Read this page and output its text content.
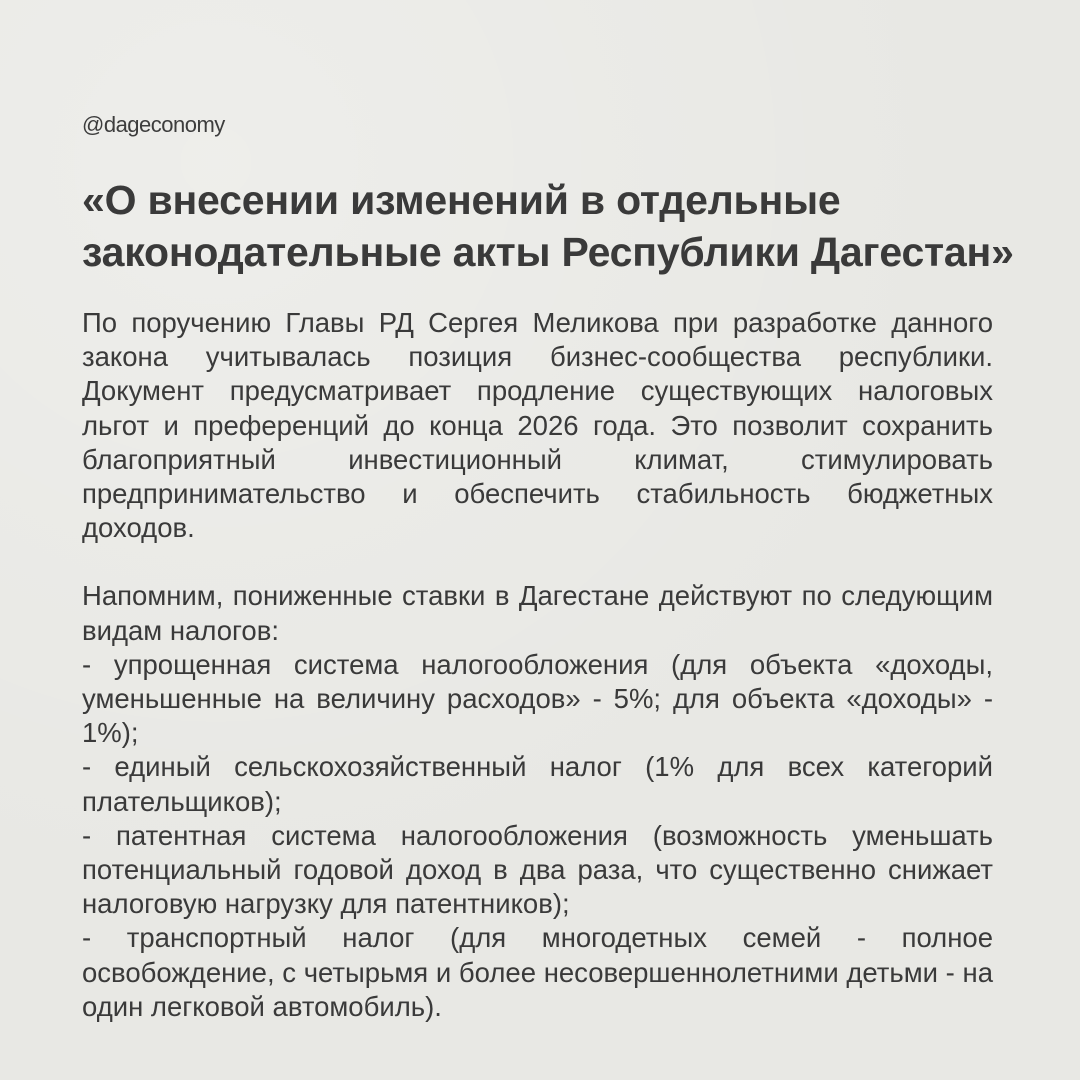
@dageconomy
«О внесении изменений в отдельные законодательные акты Республики Дагестан»

По поручению Главы РД Сергея Меликова при разработке данного закона учитывалась позиция бизнес-сообщества республики. Документ предусматривает продление существующих налоговых льгот и преференций до конца 2026 года. Это позволит сохранить благоприятный инвестиционный климат, стимулировать предпринимательство и обеспечить стабильность бюджетных доходов.

Напомним, пониженные ставки в Дагестане действуют по следующим видам налогов:

- упрощенная система налогообложения (для объекта «доходы, уменьшенные на величину расходов» - 5%; для объекта «доходы» - 1%);

- единый сельскохозяйственный налог (1% для всех категорий плательщиков);

- патентная система налогообложения (возможность уменьшать потенциальный годовой доход в два раза, что существенно снижает налоговую нагрузку для патентников);

- транспортный налог (для многодетных семей - полное освобождение, с четырьмя и более несовершеннолетними детьми - на один легковой автомобиль).
